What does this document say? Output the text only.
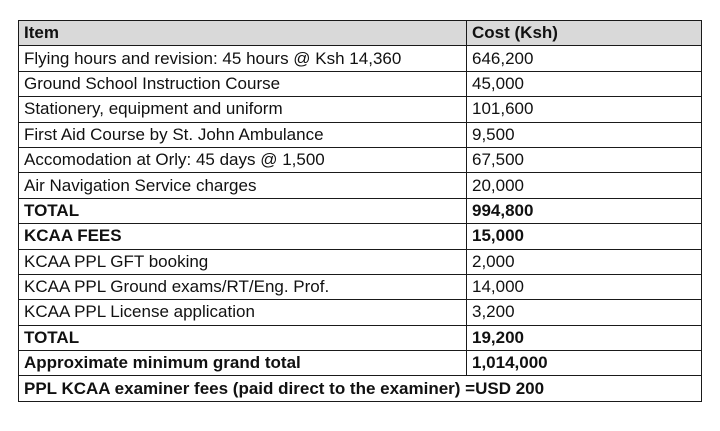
Item	Cost (Ksh)
Flying hours and revision: 45 hours @ Ksh 14,360	646,200
Ground School Instruction Course	45,000
Stationery, equipment and uniform	101,600
First Aid Course by St. John Ambulance	9,500
Accomodation at Orly: 45 days @ 1,500	67,500
Air Navigation Service charges	20,000
TOTAL	994,800
KCAA FEES	15,000
KCAA PPL GFT booking	2,000
KCAA PPL Ground exams/RT/Eng. Prof.	14,000
KCAA PPL License application	3,200
TOTAL	19,200
Approximate minimum grand total	1,014,000
PPL KCAA examiner fees (paid direct to the examiner) =USD 200	
